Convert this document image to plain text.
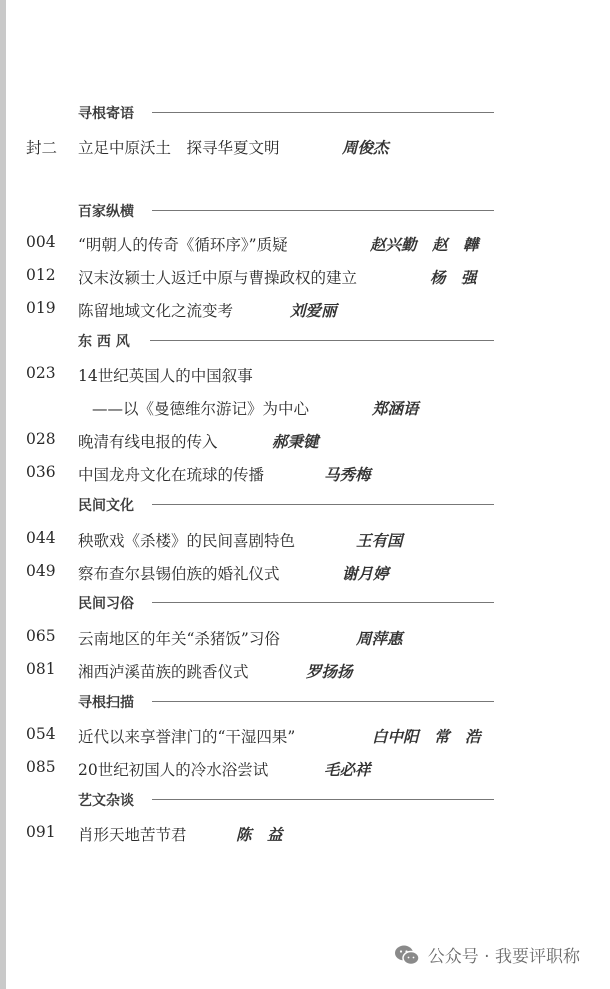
寻根寄语
封二 立足中原沃土　探寻华夏文明	周俊杰
百家纵横
004 “明朝人的传奇《循环序》”质疑	赵兴勤　赵　韡
012 汉末汝颍士人返迁中原与曹操政权的建立	杨　强
019 陈留地域文化之流变考	刘爱丽
东 西 风
023 14世纪英国人的中国叙事
——以《曼德维尔游记》为中心	郑涵语
028 晚清有线电报的传入	郝秉键
036 中国龙舟文化在琉球的传播	马秀梅
民间文化
044 秧歌戏《杀楼》的民间喜剧特色	王有国
049 察布查尔县锡伯族的婚礼仪式	谢月婷
民间习俗
065 云南地区的年关“杀猪饭”习俗	周萍惠
081 湘西泸溪苗族的跳香仪式	罗扬扬
寻根扫描
054 近代以来享誉津门的“干湿四果”	白中阳　常　浩
085 20世纪初国人的冷水浴尝试	毛必祥
艺文杂谈
091 肖形天地苦节君	陈　益
公众号 · 我要评职称
